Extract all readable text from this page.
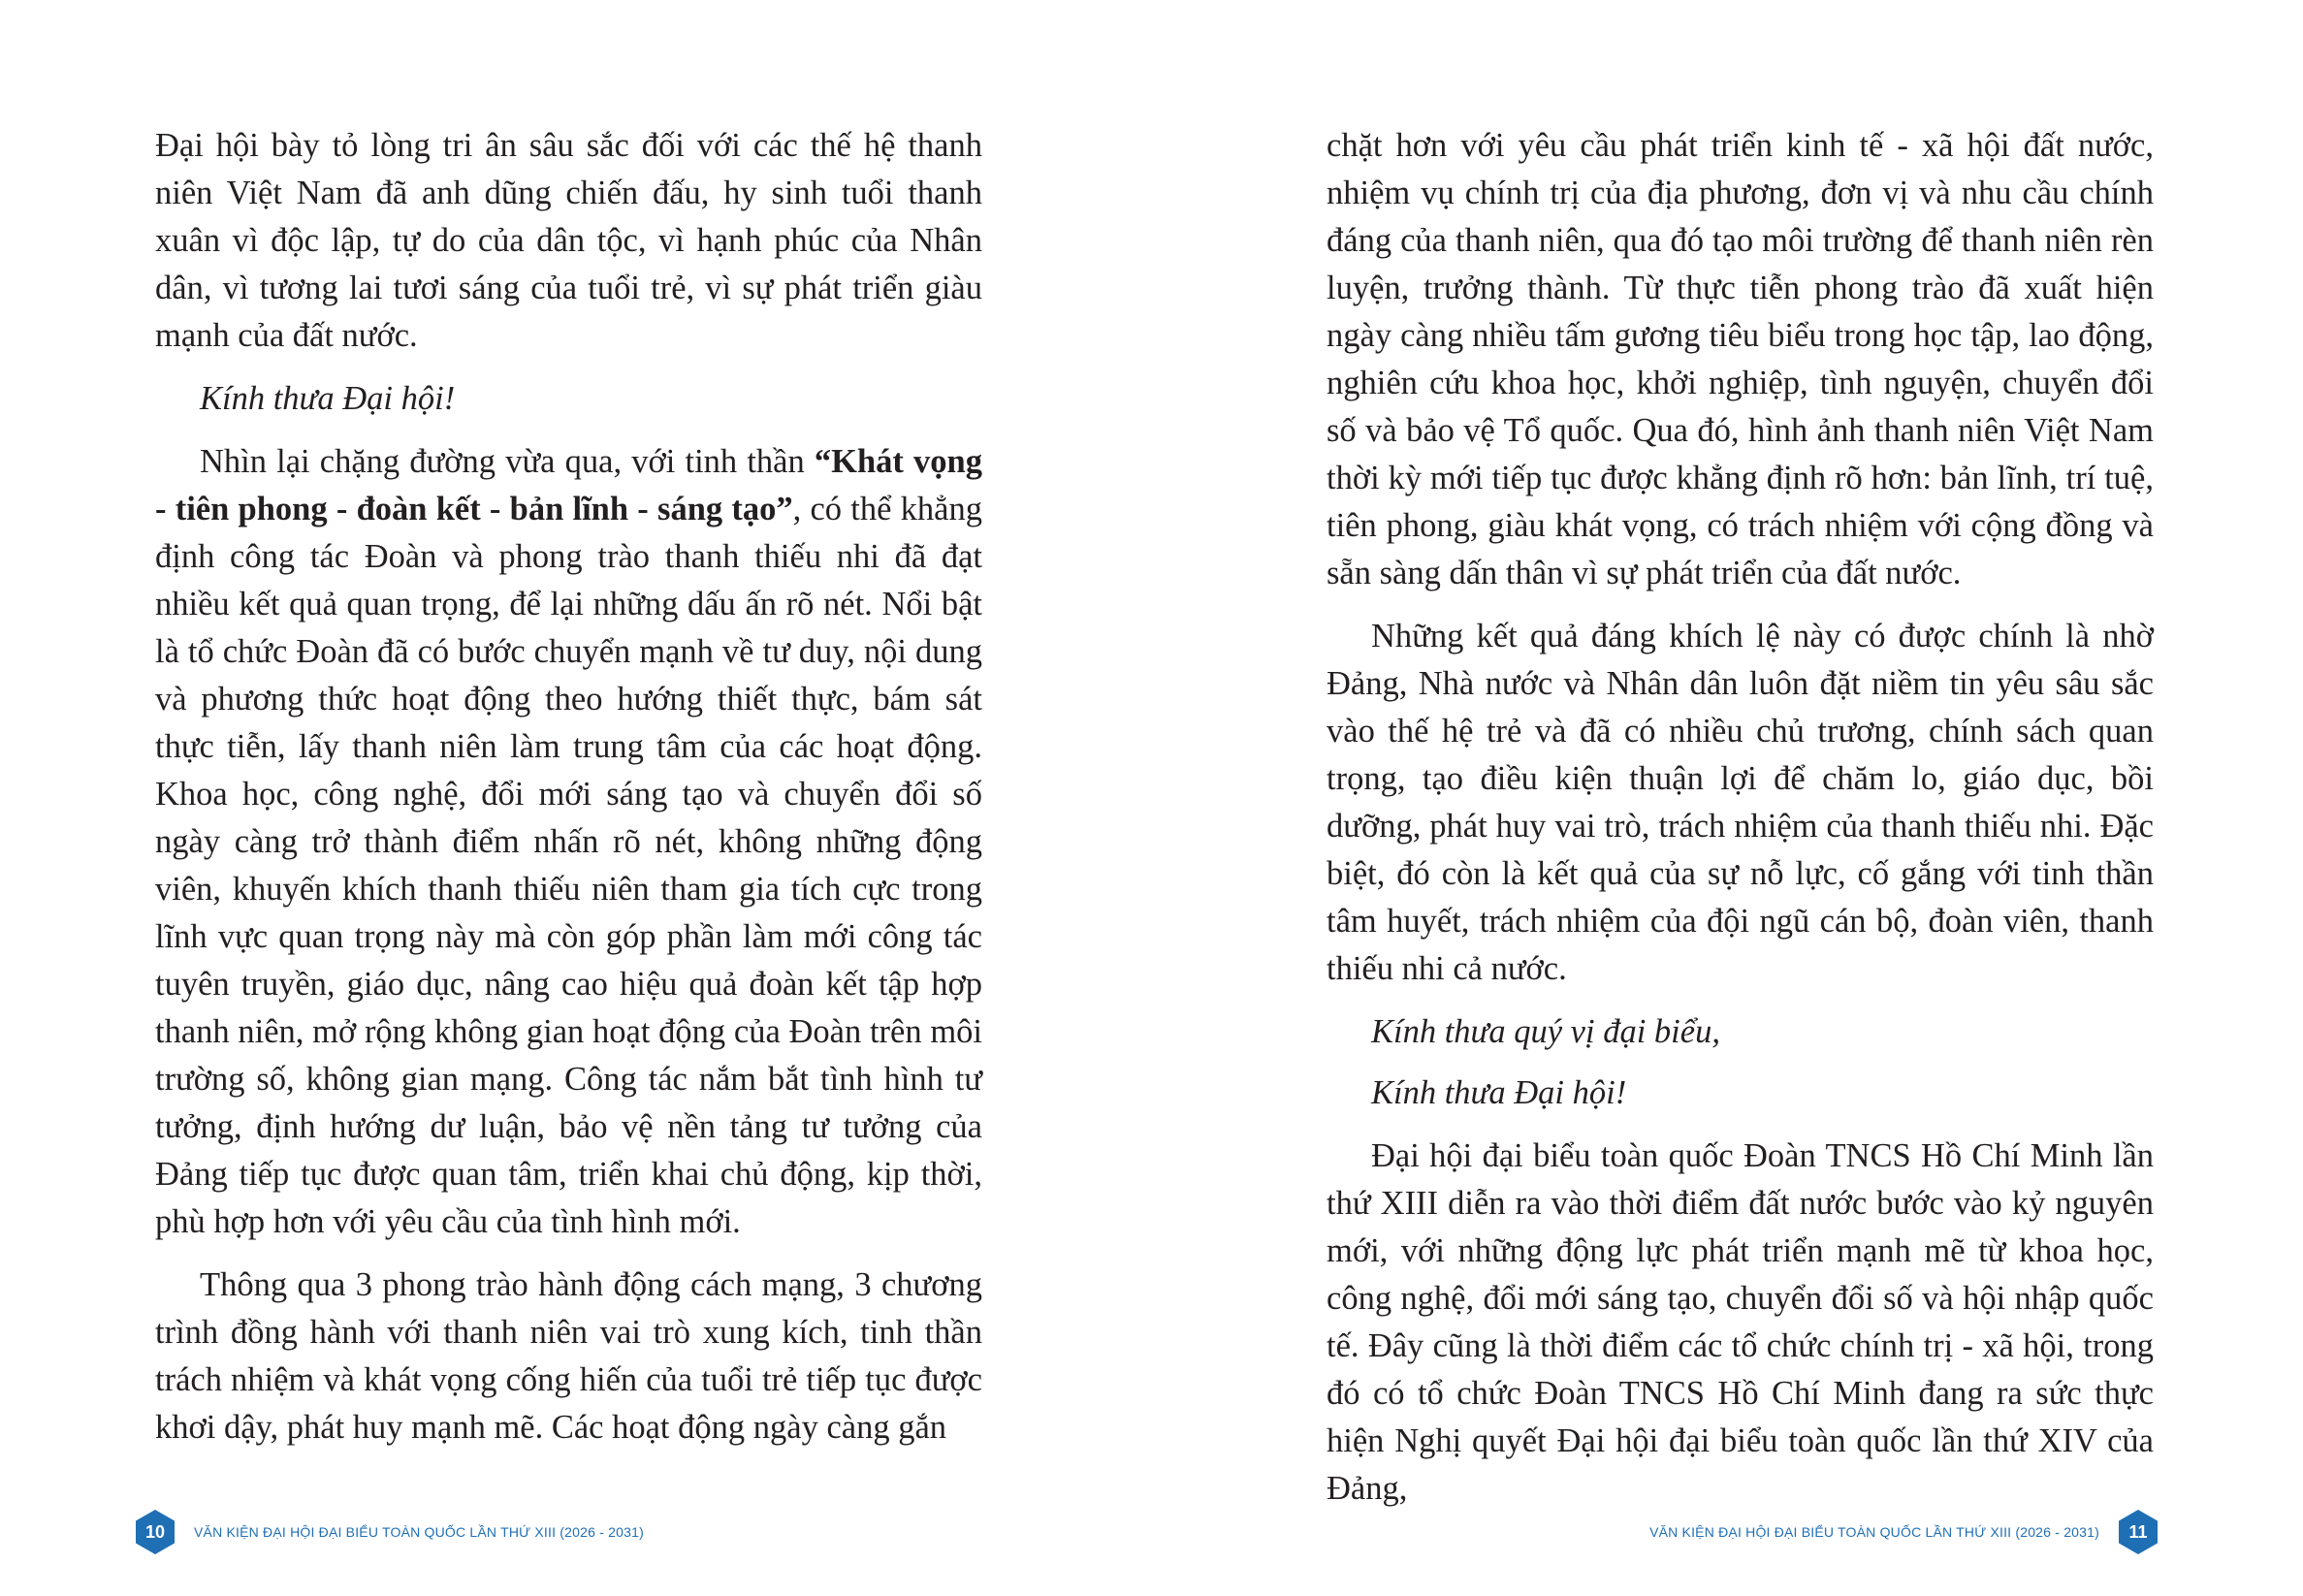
Đại hội bày tỏ lòng tri ân sâu sắc đối với các thế hệ thanh niên Việt Nam đã anh dũng chiến đấu, hy sinh tuổi thanh xuân vì độc lập, tự do của dân tộc, vì hạnh phúc của Nhân dân, vì tương lai tươi sáng của tuổi trẻ, vì sự phát triển giàu mạnh của đất nước.

Kính thưa Đại hội!

Nhìn lại chặng đường vừa qua, với tinh thần “Khát vọng - tiên phong - đoàn kết - bản lĩnh - sáng tạo”, có thể khẳng định công tác Đoàn và phong trào thanh thiếu nhi đã đạt nhiều kết quả quan trọng, để lại những dấu ấn rõ nét. Nổi bật là tổ chức Đoàn đã có bước chuyển mạnh về tư duy, nội dung và phương thức hoạt động theo hướng thiết thực, bám sát thực tiễn, lấy thanh niên làm trung tâm của các hoạt động. Khoa học, công nghệ, đổi mới sáng tạo và chuyển đổi số ngày càng trở thành điểm nhấn rõ nét, không những động viên, khuyến khích thanh thiếu niên tham gia tích cực trong lĩnh vực quan trọng này mà còn góp phần làm mới công tác tuyên truyền, giáo dục, nâng cao hiệu quả đoàn kết tập hợp thanh niên, mở rộng không gian hoạt động của Đoàn trên môi trường số, không gian mạng. Công tác nắm bắt tình hình tư tưởng, định hướng dư luận, bảo vệ nền tảng tư tưởng của Đảng tiếp tục được quan tâm, triển khai chủ động, kịp thời, phù hợp hơn với yêu cầu của tình hình mới.

Thông qua 3 phong trào hành động cách mạng, 3 chương trình đồng hành với thanh niên vai trò xung kích, tinh thần trách nhiệm và khát vọng cống hiến của tuổi trẻ tiếp tục được khơi dậy, phát huy mạnh mẽ. Các hoạt động ngày càng gắn

10	VĂN KIỆN ĐẠI HỘI ĐẠI BIỂU TOÀN QUỐC LẦN THỨ XIII (2026 - 2031)

chặt hơn với yêu cầu phát triển kinh tế - xã hội đất nước, nhiệm vụ chính trị của địa phương, đơn vị và nhu cầu chính đáng của thanh niên, qua đó tạo môi trường để thanh niên rèn luyện, trưởng thành. Từ thực tiễn phong trào đã xuất hiện ngày càng nhiều tấm gương tiêu biểu trong học tập, lao động, nghiên cứu khoa học, khởi nghiệp, tình nguyện, chuyển đổi số và bảo vệ Tổ quốc. Qua đó, hình ảnh thanh niên Việt Nam thời kỳ mới tiếp tục được khẳng định rõ hơn: bản lĩnh, trí tuệ, tiên phong, giàu khát vọng, có trách nhiệm với cộng đồng và sẵn sàng dấn thân vì sự phát triển của đất nước.

Những kết quả đáng khích lệ này có được chính là nhờ Đảng, Nhà nước và Nhân dân luôn đặt niềm tin yêu sâu sắc vào thế hệ trẻ và đã có nhiều chủ trương, chính sách quan trọng, tạo điều kiện thuận lợi để chăm lo, giáo dục, bồi dưỡng, phát huy vai trò, trách nhiệm của thanh thiếu nhi. Đặc biệt, đó còn là kết quả của sự nỗ lực, cố gắng với tinh thần tâm huyết, trách nhiệm của đội ngũ cán bộ, đoàn viên, thanh thiếu nhi cả nước.

Kính thưa quý vị đại biểu,

Kính thưa Đại hội!

Đại hội đại biểu toàn quốc Đoàn TNCS Hồ Chí Minh lần thứ XIII diễn ra vào thời điểm đất nước bước vào kỷ nguyên mới, với những động lực phát triển mạnh mẽ từ khoa học, công nghệ, đổi mới sáng tạo, chuyển đổi số và hội nhập quốc tế. Đây cũng là thời điểm các tổ chức chính trị - xã hội, trong đó có tổ chức Đoàn TNCS Hồ Chí Minh đang ra sức thực hiện Nghị quyết Đại hội đại biểu toàn quốc lần thứ XIV của Đảng,

VĂN KIỆN ĐẠI HỘI ĐẠI BIỂU TOÀN QUỐC LẦN THỨ XIII (2026 - 2031)	11
